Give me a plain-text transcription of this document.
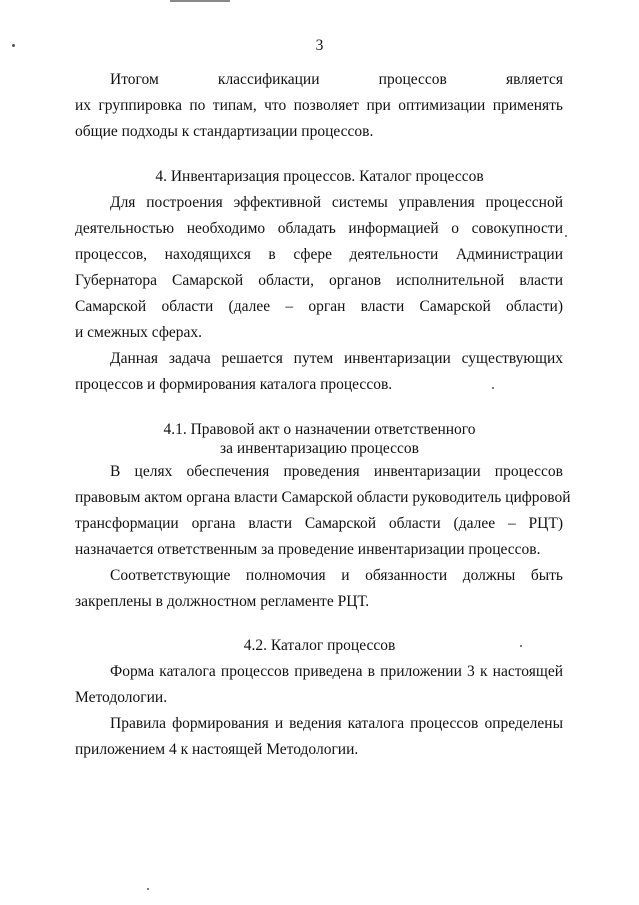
3
Итогом классификации процессов является
их группировка по типам, что позволяет при оптимизации применять
общие подходы к стандартизации процессов.
4. Инвентаризация процессов. Каталог процессов
Для построения эффективной системы управления процессной
деятельностью необходимо обладать информацией о совокупности
процессов, находящихся в сфере деятельности Администрации
Губернатора Самарской области, органов исполнительной власти
Самарской области (далее – орган власти Самарской области)
и смежных сферах.
Данная задача решается путем инвентаризации существующих
процессов и формирования каталога процессов.
4.1. Правовой акт о назначении ответственного
за инвентаризацию процессов
В целях обеспечения проведения инвентаризации процессов
правовым актом органа власти Самарской области руководитель цифровой
трансформации органа власти Самарской области (далее – РЦТ)
назначается ответственным за проведение инвентаризации процессов.
Соответствующие полномочия и обязанности должны быть
закреплены в должностном регламенте РЦТ.
4.2. Каталог процессов
Форма каталога процессов приведена в приложении 3 к настоящей
Методологии.
Правила формирования и ведения каталога процессов определены
приложением 4 к настоящей Методологии.
